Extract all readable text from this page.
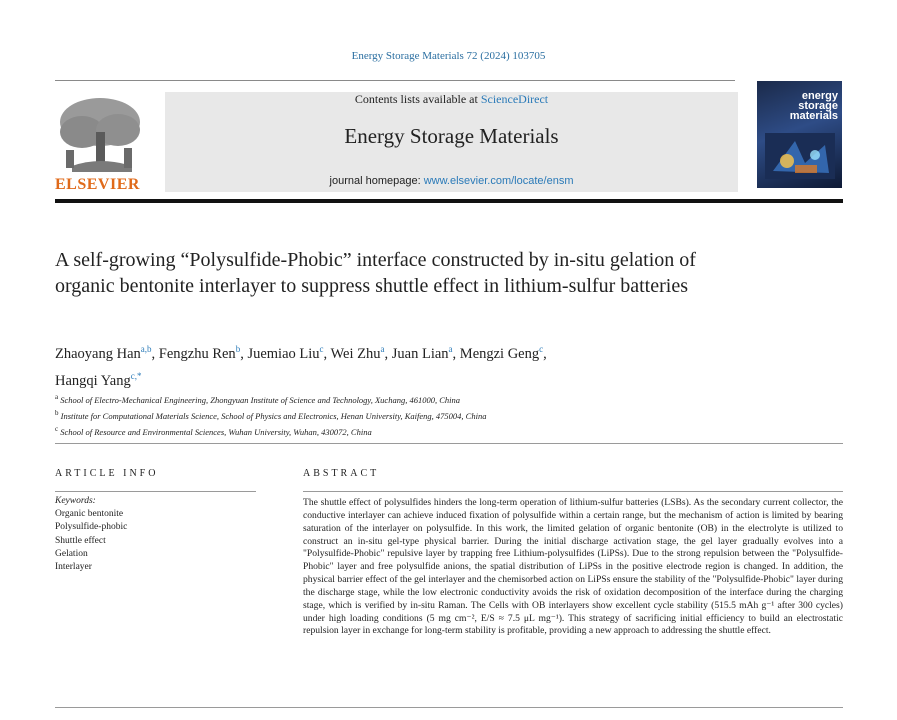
Energy Storage Materials 72 (2024) 103705
ELSEVIER
Contents lists available at ScienceDirect
Energy Storage Materials
journal homepage: www.elsevier.com/locate/ensm
energy
storage
materials
A self-growing “Polysulfide-Phobic” interface constructed by in-situ gelation of organic bentonite interlayer to suppress shuttle effect in lithium-sulfur batteries
Zhaoyang Han$^{a,b}$, Fengzhu Ren$^b$, Juemiao Liu$^c$, Wei Zhu$^a$, Juan Lian$^a$, Mengzi Geng$^c$,
Hangqi Yang$^{c,*}$
$^a$ School of Electro-Mechanical Engineering, Zhongyuan Institute of Science and Technology, Xuchang, 461000, China
$^b$ Institute for Computational Materials Science, School of Physics and Electronics, Henan University, Kaifeng, 475004, China
$^c$ School of Resource and Environmental Sciences, Wuhan University, Wuhan, 430072, China
ARTICLE INFO
Keywords:
Organic bentonite
Polysulfide-phobic
Shuttle effect
Gelation
Interlayer
ABSTRACT
The shuttle effect of polysulfides hinders the long-term operation of lithium-sulfur batteries (LSBs). As the secondary current collector, the conductive interlayer can achieve induced fixation of polysulfide within a certain range, but the mechanism of action is limited by bearing saturation of the interlayer on polysulfide. In this work, the limited gelation of organic bentonite (OB) in the electrolyte is utilized to construct an in-situ gel-type physical barrier. During the initial discharge activation stage, the gel layer gradually evolves into a "Polysulfide-Phobic" repulsive layer by trapping free Lithium-polysulfides (LiPSs). Due to the strong repulsion between the "Polysulfide-Phobic" layer and free polysulfide anions, the spatial distribution of LiPSs in the positive electrode region is changed. In addition, the physical barrier effect of the gel interlayer and the chemisorbed action on LiPSs ensure the stability of the "Polysulfide-Phobic" layer during the discharge stage, while the low electronic conductivity avoids the risk of oxidation decomposition of the interface during the charging stage, which is verified by in-situ Raman. The Cells with OB interlayers show excellent cycle stability (515.5 mAh g⁻¹ after 300 cycles) under high loading conditions (5 mg cm⁻², E/S ≈ 7.5 μL mg⁻¹). This strategy of sacrificing initial efficiency to build an electrostatic repulsion layer in exchange for long-term stability is profitable, providing a new approach to addressing the shuttle effect.
